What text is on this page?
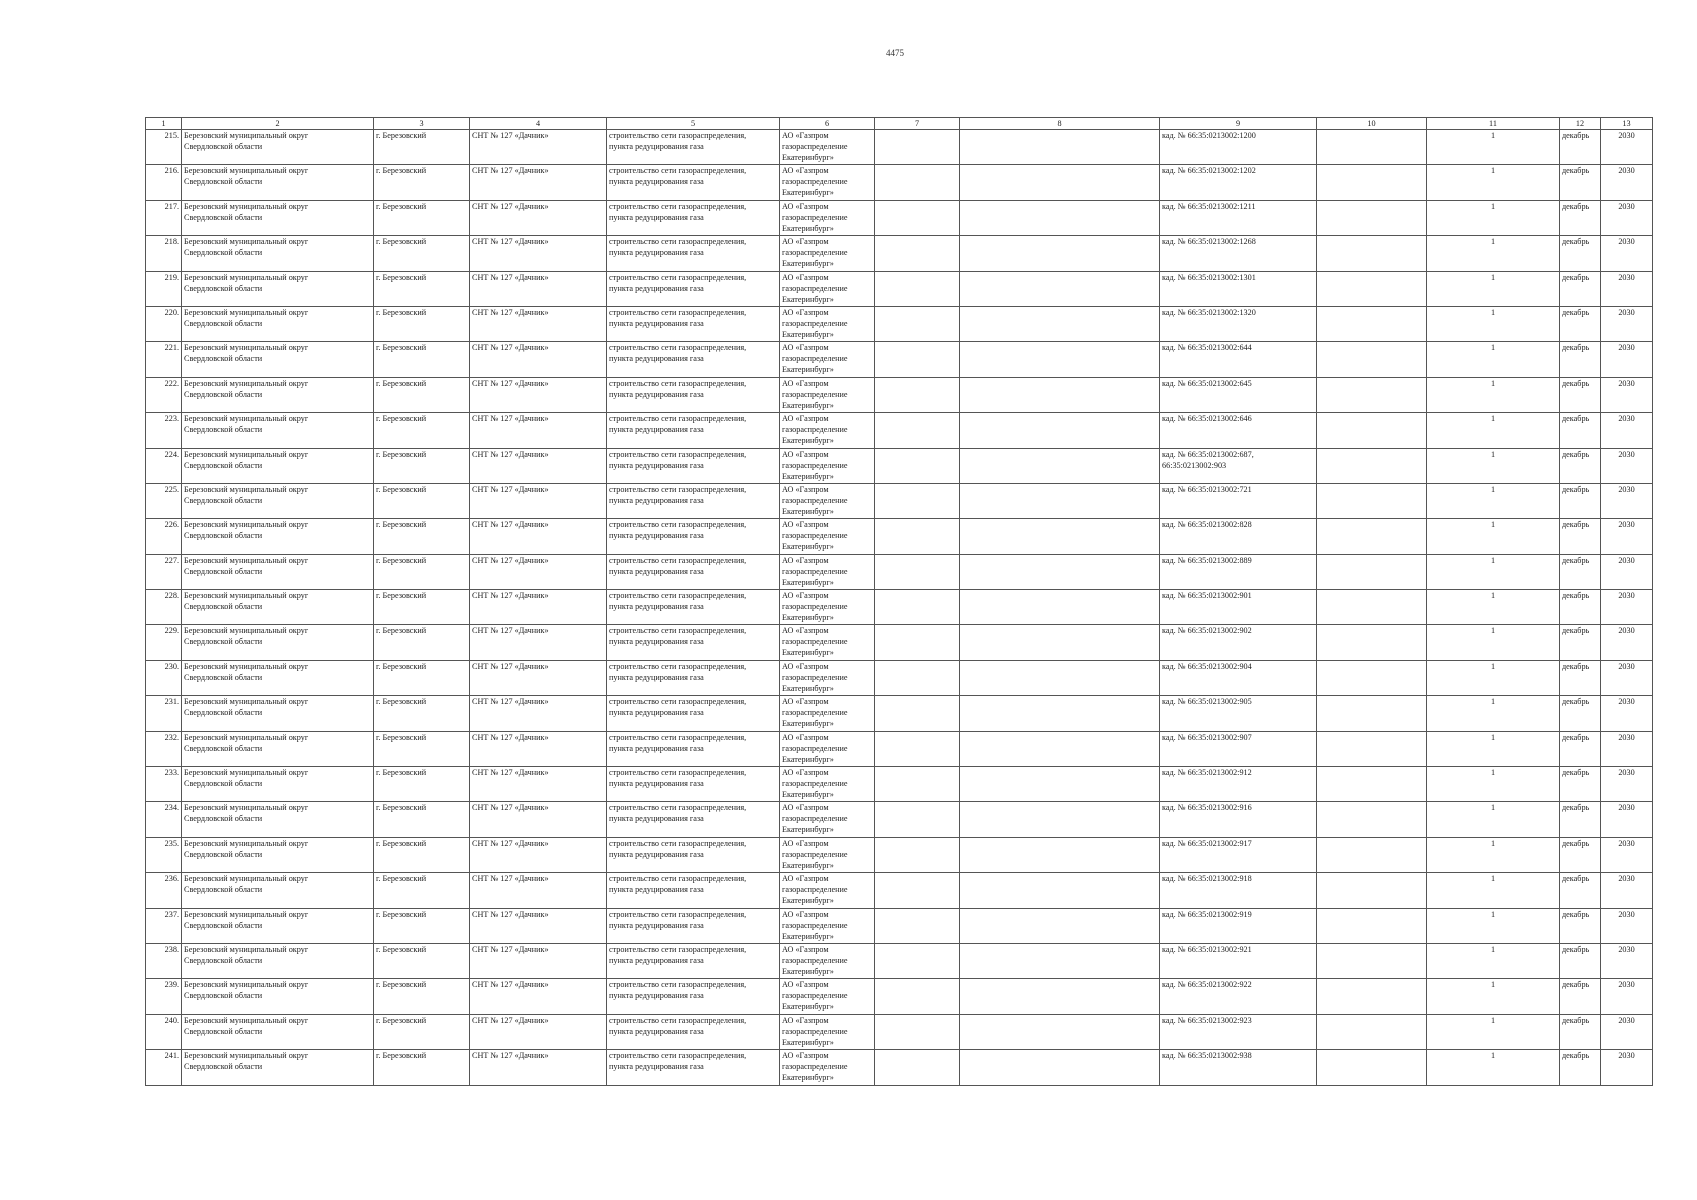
4475
1	2	3	4	5	6	7	8	9	10	11	12	13
215.	Березовский муниципальный округ
Свердловской области	г. Березовский	СНТ № 127 «Дачник»	строительство сети газораспределения,
пункта редуцирования газа	АО «Газпром
газораспределение
Екатеринбург»			кад. № 66:35:0213002:1200		1	декабрь	2030
216.	Березовский муниципальный округ
Свердловской области	г. Березовский	СНТ № 127 «Дачник»	строительство сети газораспределения,
пункта редуцирования газа	АО «Газпром
газораспределение
Екатеринбург»			кад. № 66:35:0213002:1202		1	декабрь	2030
217.	Березовский муниципальный округ
Свердловской области	г. Березовский	СНТ № 127 «Дачник»	строительство сети газораспределения,
пункта редуцирования газа	АО «Газпром
газораспределение
Екатеринбург»			кад. № 66:35:0213002:1211		1	декабрь	2030
218.	Березовский муниципальный округ
Свердловской области	г. Березовский	СНТ № 127 «Дачник»	строительство сети газораспределения,
пункта редуцирования газа	АО «Газпром
газораспределение
Екатеринбург»			кад. № 66:35:0213002:1268		1	декабрь	2030
219.	Березовский муниципальный округ
Свердловской области	г. Березовский	СНТ № 127 «Дачник»	строительство сети газораспределения,
пункта редуцирования газа	АО «Газпром
газораспределение
Екатеринбург»			кад. № 66:35:0213002:1301		1	декабрь	2030
220.	Березовский муниципальный округ
Свердловской области	г. Березовский	СНТ № 127 «Дачник»	строительство сети газораспределения,
пункта редуцирования газа	АО «Газпром
газораспределение
Екатеринбург»			кад. № 66:35:0213002:1320		1	декабрь	2030
221.	Березовский муниципальный округ
Свердловской области	г. Березовский	СНТ № 127 «Дачник»	строительство сети газораспределения,
пункта редуцирования газа	АО «Газпром
газораспределение
Екатеринбург»			кад. № 66:35:0213002:644		1	декабрь	2030
222.	Березовский муниципальный округ
Свердловской области	г. Березовский	СНТ № 127 «Дачник»	строительство сети газораспределения,
пункта редуцирования газа	АО «Газпром
газораспределение
Екатеринбург»			кад. № 66:35:0213002:645		1	декабрь	2030
223.	Березовский муниципальный округ
Свердловской области	г. Березовский	СНТ № 127 «Дачник»	строительство сети газораспределения,
пункта редуцирования газа	АО «Газпром
газораспределение
Екатеринбург»			кад. № 66:35:0213002:646		1	декабрь	2030
224.	Березовский муниципальный округ
Свердловской области	г. Березовский	СНТ № 127 «Дачник»	строительство сети газораспределения,
пункта редуцирования газа	АО «Газпром
газораспределение
Екатеринбург»			кад. № 66:35:0213002:687,
66:35:0213002:903		1	декабрь	2030
225.	Березовский муниципальный округ
Свердловской области	г. Березовский	СНТ № 127 «Дачник»	строительство сети газораспределения,
пункта редуцирования газа	АО «Газпром
газораспределение
Екатеринбург»			кад. № 66:35:0213002:721		1	декабрь	2030
226.	Березовский муниципальный округ
Свердловской области	г. Березовский	СНТ № 127 «Дачник»	строительство сети газораспределения,
пункта редуцирования газа	АО «Газпром
газораспределение
Екатеринбург»			кад. № 66:35:0213002:828		1	декабрь	2030
227.	Березовский муниципальный округ
Свердловской области	г. Березовский	СНТ № 127 «Дачник»	строительство сети газораспределения,
пункта редуцирования газа	АО «Газпром
газораспределение
Екатеринбург»			кад. № 66:35:0213002:889		1	декабрь	2030
228.	Березовский муниципальный округ
Свердловской области	г. Березовский	СНТ № 127 «Дачник»	строительство сети газораспределения,
пункта редуцирования газа	АО «Газпром
газораспределение
Екатеринбург»			кад. № 66:35:0213002:901		1	декабрь	2030
229.	Березовский муниципальный округ
Свердловской области	г. Березовский	СНТ № 127 «Дачник»	строительство сети газораспределения,
пункта редуцирования газа	АО «Газпром
газораспределение
Екатеринбург»			кад. № 66:35:0213002:902		1	декабрь	2030
230.	Березовский муниципальный округ
Свердловской области	г. Березовский	СНТ № 127 «Дачник»	строительство сети газораспределения,
пункта редуцирования газа	АО «Газпром
газораспределение
Екатеринбург»			кад. № 66:35:0213002:904		1	декабрь	2030
231.	Березовский муниципальный округ
Свердловской области	г. Березовский	СНТ № 127 «Дачник»	строительство сети газораспределения,
пункта редуцирования газа	АО «Газпром
газораспределение
Екатеринбург»			кад. № 66:35:0213002:905		1	декабрь	2030
232.	Березовский муниципальный округ
Свердловской области	г. Березовский	СНТ № 127 «Дачник»	строительство сети газораспределения,
пункта редуцирования газа	АО «Газпром
газораспределение
Екатеринбург»			кад. № 66:35:0213002:907		1	декабрь	2030
233.	Березовский муниципальный округ
Свердловской области	г. Березовский	СНТ № 127 «Дачник»	строительство сети газораспределения,
пункта редуцирования газа	АО «Газпром
газораспределение
Екатеринбург»			кад. № 66:35:0213002:912		1	декабрь	2030
234.	Березовский муниципальный округ
Свердловской области	г. Березовский	СНТ № 127 «Дачник»	строительство сети газораспределения,
пункта редуцирования газа	АО «Газпром
газораспределение
Екатеринбург»			кад. № 66:35:0213002:916		1	декабрь	2030
235.	Березовский муниципальный округ
Свердловской области	г. Березовский	СНТ № 127 «Дачник»	строительство сети газораспределения,
пункта редуцирования газа	АО «Газпром
газораспределение
Екатеринбург»			кад. № 66:35:0213002:917		1	декабрь	2030
236.	Березовский муниципальный округ
Свердловской области	г. Березовский	СНТ № 127 «Дачник»	строительство сети газораспределения,
пункта редуцирования газа	АО «Газпром
газораспределение
Екатеринбург»			кад. № 66:35:0213002:918		1	декабрь	2030
237.	Березовский муниципальный округ
Свердловской области	г. Березовский	СНТ № 127 «Дачник»	строительство сети газораспределения,
пункта редуцирования газа	АО «Газпром
газораспределение
Екатеринбург»			кад. № 66:35:0213002:919		1	декабрь	2030
238.	Березовский муниципальный округ
Свердловской области	г. Березовский	СНТ № 127 «Дачник»	строительство сети газораспределения,
пункта редуцирования газа	АО «Газпром
газораспределение
Екатеринбург»			кад. № 66:35:0213002:921		1	декабрь	2030
239.	Березовский муниципальный округ
Свердловской области	г. Березовский	СНТ № 127 «Дачник»	строительство сети газораспределения,
пункта редуцирования газа	АО «Газпром
газораспределение
Екатеринбург»			кад. № 66:35:0213002:922		1	декабрь	2030
240.	Березовский муниципальный округ
Свердловской области	г. Березовский	СНТ № 127 «Дачник»	строительство сети газораспределения,
пункта редуцирования газа	АО «Газпром
газораспределение
Екатеринбург»			кад. № 66:35:0213002:923		1	декабрь	2030
241.	Березовский муниципальный округ
Свердловской области	г. Березовский	СНТ № 127 «Дачник»	строительство сети газораспределения,
пункта редуцирования газа	АО «Газпром
газораспределение
Екатеринбург»			кад. № 66:35:0213002:938		1	декабрь	2030
